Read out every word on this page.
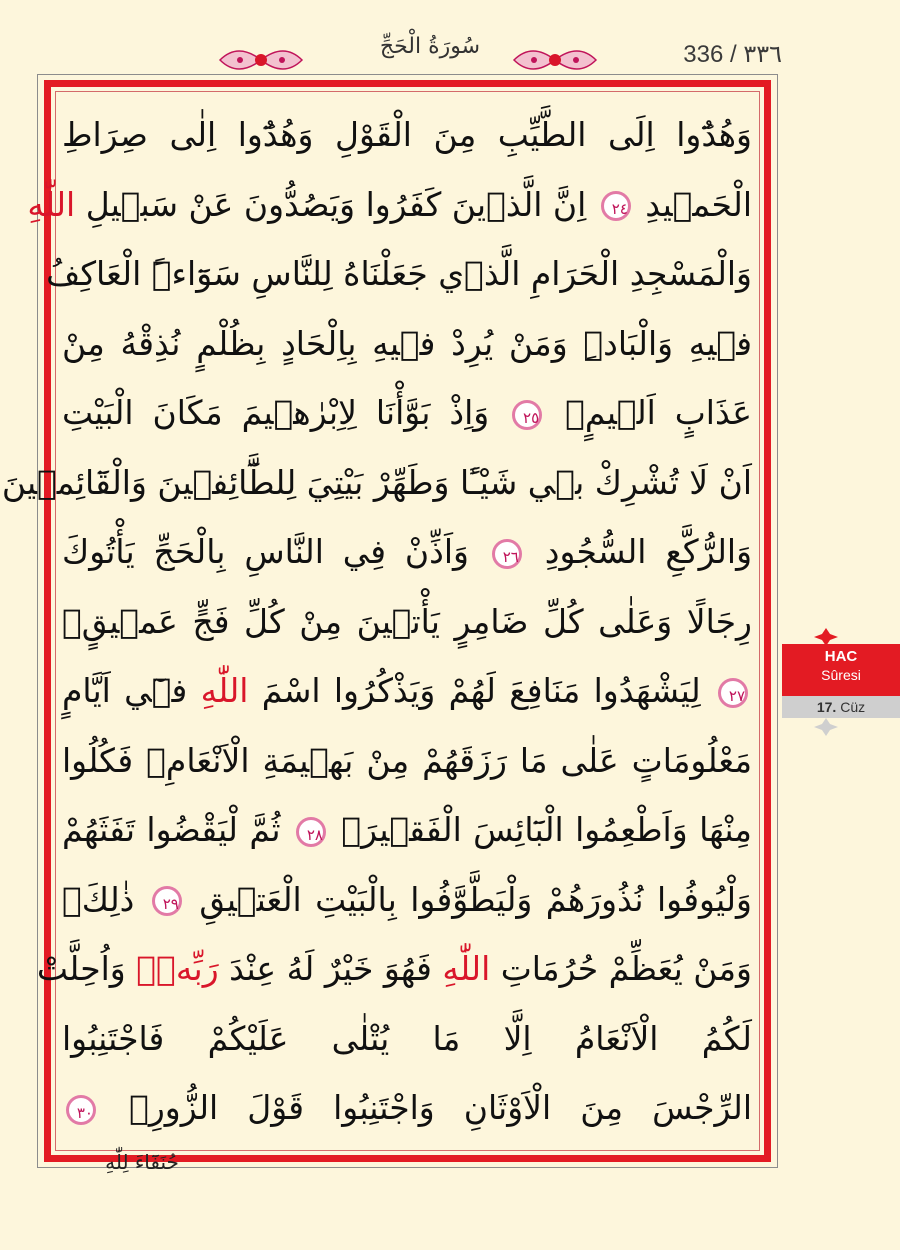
سُورَةُ الْحَجِّ	336 / ٣٣٦
وَهُدُٓوا اِلَى الطَّيِّبِ مِنَ الْقَوْلِ وَهُدُٓوا اِلٰى صِرَاطِ
الْحَم۪يدِ ٢٤ اِنَّ الَّذ۪ينَ كَفَرُوا وَيَصُدُّونَ عَنْ سَب۪يلِ اللّٰهِ
وَالْمَسْجِدِ الْحَرَامِ الَّذ۪ي جَعَلْنَاهُ لِلنَّاسِ سَوَٓاءًۨ الْعَاكِفُ
ف۪يهِ وَالْبَادِۜ وَمَنْ يُرِدْ ف۪يهِ بِاِلْحَادٍ بِظُلْمٍ نُذِقْهُ مِنْ
عَذَابٍ اَل۪يمٍ۟ ٢٥ وَاِذْ بَوَّأْنَا لِاِبْرٰه۪يمَ مَكَانَ الْبَيْتِ
اَنْ لَا تُشْرِكْ ب۪ي شَيْـًٔا وَطَهِّرْ بَيْتِيَ لِلطَّٓائِف۪ينَ وَالْقَٓائِم۪ينَ
وَالرُّكَّعِ السُّجُودِ ٢٦ وَاَذِّنْ فِي النَّاسِ بِالْحَجِّ يَأْتُوكَ
رِجَالًا وَعَلٰى كُلِّ ضَامِرٍ يَأْت۪ينَ مِنْ كُلِّ فَجٍّ عَم۪يقٍۙ
٢٧ لِيَشْهَدُوا مَنَافِعَ لَهُمْ وَيَذْكُرُوا اسْمَ اللّٰهِ ف۪ٓي اَيَّامٍ
مَعْلُومَاتٍ عَلٰى مَا رَزَقَهُمْ مِنْ بَه۪يمَةِ الْاَنْعَامِۚ فَكُلُوا
مِنْهَا وَاَطْعِمُوا الْبَٓائِسَ الْفَق۪يرَۘ ٢٨ ثُمَّ لْيَقْضُوا تَفَثَهُمْ
وَلْيُوفُوا نُذُورَهُمْ وَلْيَطَّوَّفُوا بِالْبَيْتِ الْعَت۪يقِ ٢٩ ذٰلِكَۗ
وَمَنْ يُعَظِّمْ حُرُمَاتِ اللّٰهِ فَهُوَ خَيْرٌ لَهُ عِنْدَ رَبِّه۪ۜ وَاُحِلَّتْ
لَكُمُ الْاَنْعَامُ اِلَّا مَا يُتْلٰى عَلَيْكُمْ فَاجْتَنِبُوا
الرِّجْسَ مِنَ الْاَوْثَانِ وَاجْتَنِبُوا قَوْلَ الزُّورِۙ ٣٠
حُنَفَٓاءَ لِلّٰهِ
HAC
Sûresi
17. Cüz
